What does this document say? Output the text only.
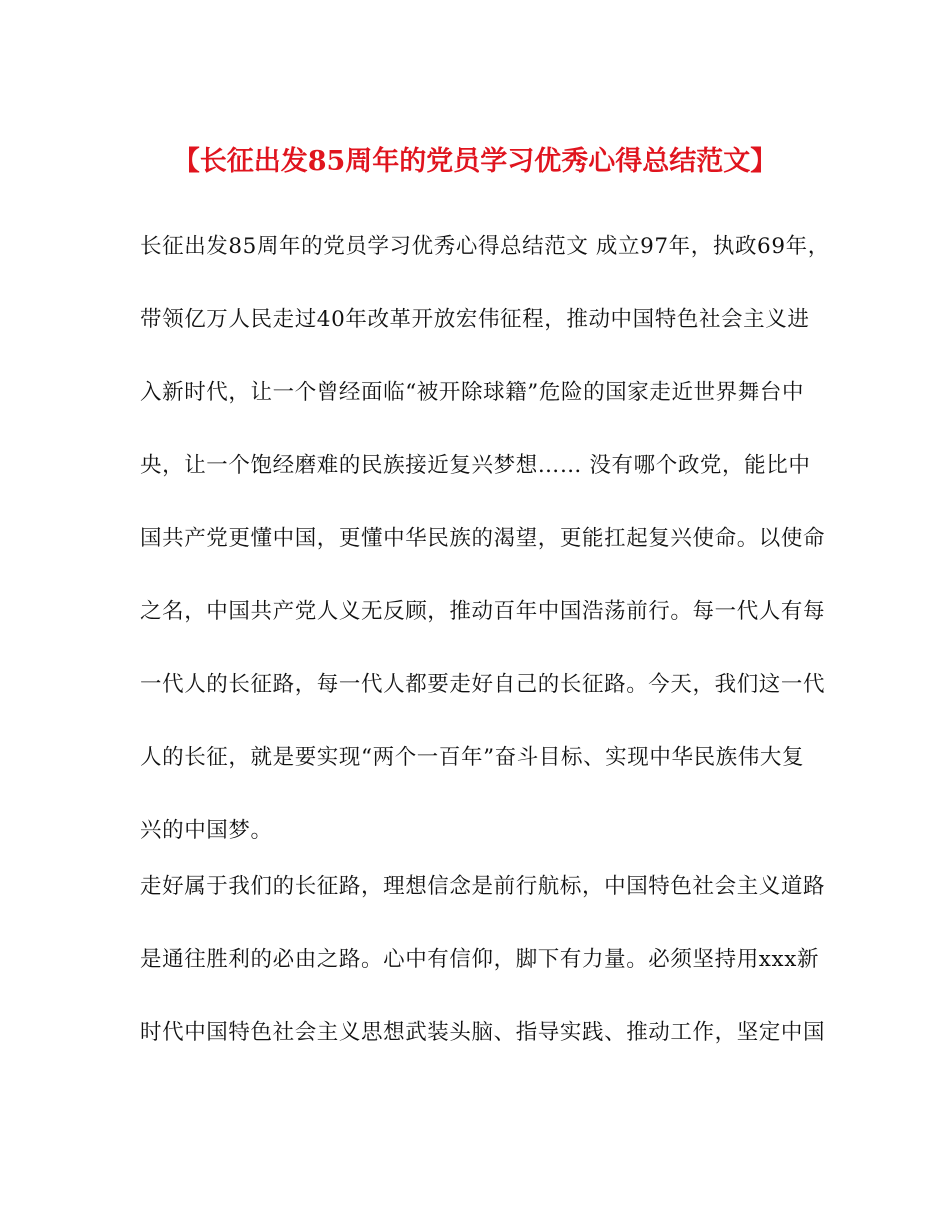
【长征出发85周年的党员学习优秀心得总结范文】
长征出发85周年的党员学习优秀心得总结范文 成立97年，执政69年，
带领亿万人民走过40年改革开放宏伟征程，推动中国特色社会主义进
入新时代，让一个曾经面临“被开除球籍”危险的国家走近世界舞台中
央，让一个饱经磨难的民族接近复兴梦想…… 没有哪个政党，能比中
国共产党更懂中国，更懂中华民族的渴望，更能扛起复兴使命。以使命
之名，中国共产党人义无反顾，推动百年中国浩荡前行。每一代人有每
一代人的长征路，每一代人都要走好自己的长征路。今天，我们这一代
人的长征，就是要实现“两个一百年”奋斗目标、实现中华民族伟大复
兴的中国梦。
走好属于我们的长征路，理想信念是前行航标，中国特色社会主义道路
是通往胜利的必由之路。心中有信仰，脚下有力量。必须坚持用xxx新
时代中国特色社会主义思想武装头脑、指导实践、推动工作，坚定中国
